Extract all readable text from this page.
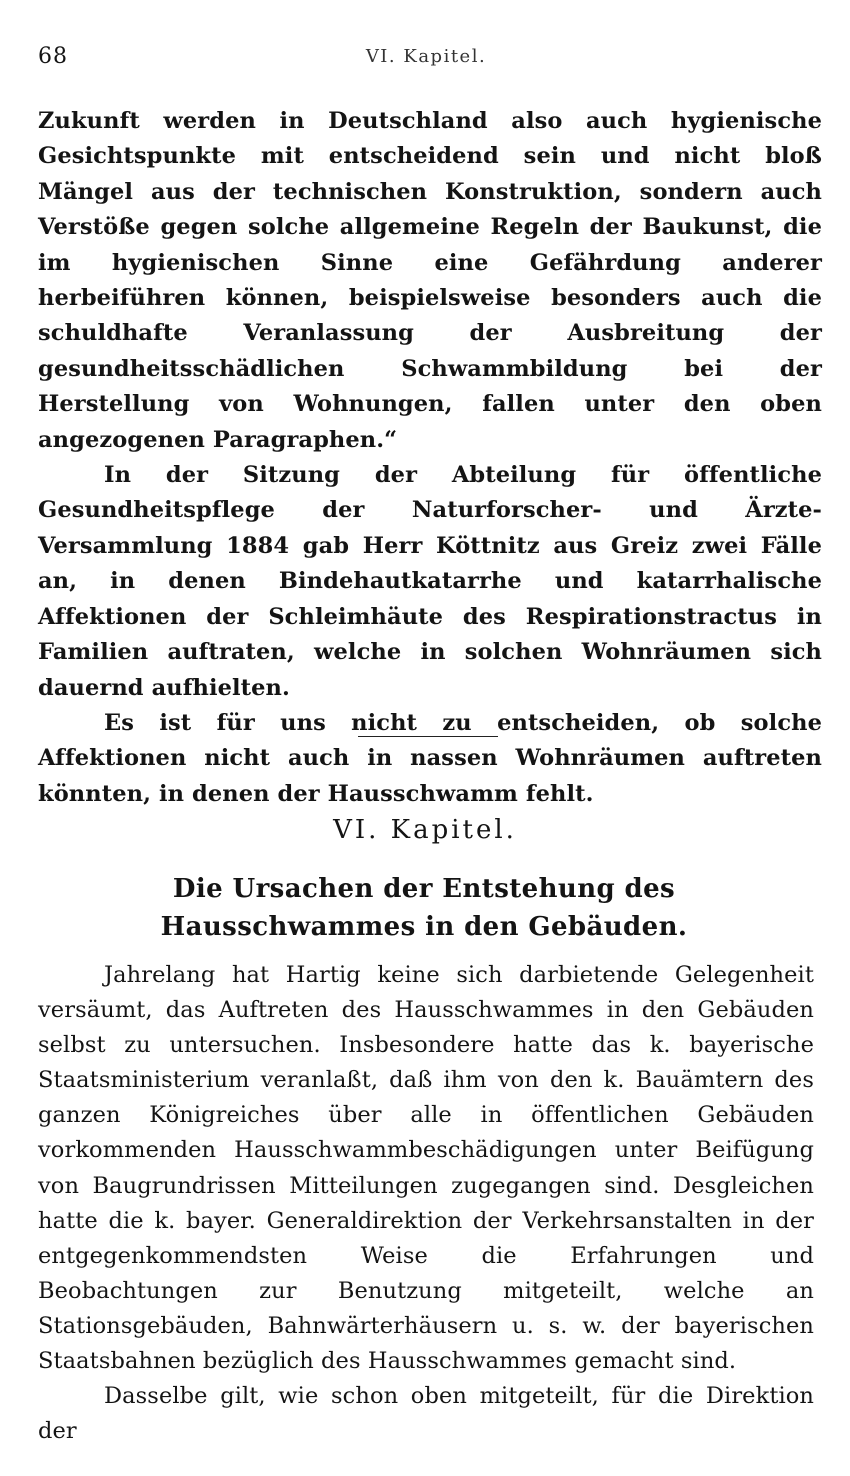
68	VI. Kapitel.

Zukunft werden in Deutschland also auch hygienische Gesichtspunkte mit entscheidend sein und nicht bloß Mängel aus der technischen Konstruktion, sondern auch Verstöße gegen solche allgemeine Regeln der Baukunst, die im hygienischen Sinne eine Gefährdung anderer herbeiführen können, beispielsweise besonders auch die schuldhafte Veranlassung der Ausbreitung der gesundheitsschädlichen Schwammbildung bei der Herstellung von Wohnungen, fallen unter den oben angezogenen Paragraphen.“

In der Sitzung der Abteilung für öffentliche Gesundheitspflege der Naturforscher- und Ärzte-Versammlung 1884 gab Herr Köttnitz aus Greiz zwei Fälle an, in denen Bindehautkatarrhe und katarrhalische Affektionen der Schleimhäute des Respirationstractus in Familien auftraten, welche in solchen Wohnräumen sich dauernd aufhielten.

Es ist für uns nicht zu entscheiden, ob solche Affektionen nicht auch in nassen Wohnräumen auftreten könnten, in denen der Hausschwamm fehlt.

VI. Kapitel.
Die Ursachen der Entstehung des Hausschwammes in den Gebäuden.

Jahrelang hat Hartig keine sich darbietende Gelegenheit versäumt, das Auftreten des Hausschwammes in den Gebäuden selbst zu untersuchen. Insbesondere hatte das k. bayerische Staatsministerium veranlaßt, daß ihm von den k. Bauämtern des ganzen Königreiches über alle in öffentlichen Gebäuden vorkommenden Hausschwammbeschädigungen unter Beifügung von Baugrundrissen Mitteilungen zugegangen sind. Desgleichen hatte die k. bayer. Generaldirektion der Verkehrsanstalten in der entgegenkommendsten Weise die Erfahrungen und Beobachtungen zur Benutzung mitgeteilt, welche an Stationsgebäuden, Bahnwärterhäusern u. s. w. der bayerischen Staatsbahnen bezüglich des Hausschwammes gemacht sind.

Dasselbe gilt, wie schon oben mitgeteilt, für die Direktion der
